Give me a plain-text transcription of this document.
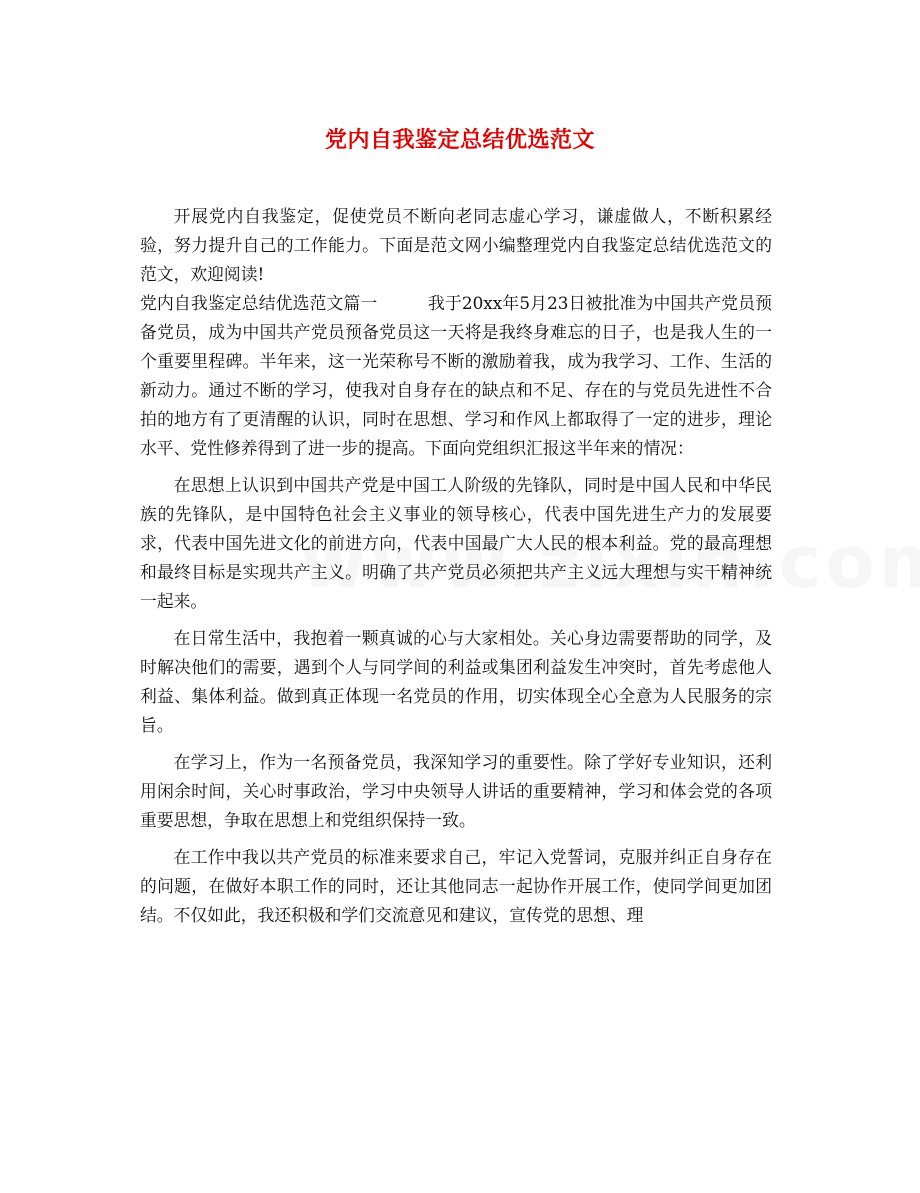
党内自我鉴定总结优选范文

开展党内自我鉴定，促使党员不断向老同志虚心学习，谦虚做人，不断积累经验，努力提升自己的工作能力。下面是范文网小编整理党内自我鉴定总结优选范文的范文，欢迎阅读!

党内自我鉴定总结优选范文篇一	我于20xx年5月23日被批准为中国共产党员预备党员，成为中国共产党员预备党员这一天将是我终身难忘的日子，也是我人生的一个重要里程碑。半年来，这一光荣称号不断的激励着我，成为我学习、工作、生活的新动力。通过不断的学习，使我对自身存在的缺点和不足、存在的与党员先进性不合拍的地方有了更清醒的认识，同时在思想、学习和作风上都取得了一定的进步，理论水平、党性修养得到了进一步的提高。下面向党组织汇报这半年来的情况：

在思想上认识到中国共产党是中国工人阶级的先锋队，同时是中国人民和中华民族的先锋队，是中国特色社会主义事业的领导核心，代表中国先进生产力的发展要求，代表中国先进文化的前进方向，代表中国最广大人民的根本利益。党的最高理想和最终目标是实现共产主义。明确了共产党员必须把共产主义远大理想与实干精神统一起来。

在日常生活中，我抱着一颗真诚的心与大家相处。关心身边需要帮助的同学，及时解决他们的需要，遇到个人与同学间的利益或集团利益发生冲突时，首先考虑他人利益、集体利益。做到真正体现一名党员的作用，切实体现全心全意为人民服务的宗旨。

在学习上，作为一名预备党员，我深知学习的重要性。除了学好专业知识，还利用闲余时间，关心时事政治，学习中央领导人讲话的重要精神，学习和体会党的各项重要思想，争取在思想上和党组织保持一致。

在工作中我以共产党员的标准来要求自己，牢记入党誓词，克服并纠正自身存在的问题，在做好本职工作的同时，还让其他同志一起协作开展工作，使同学间更加团结。不仅如此，我还积极和学们交流意见和建议，宣传党的思想、理
